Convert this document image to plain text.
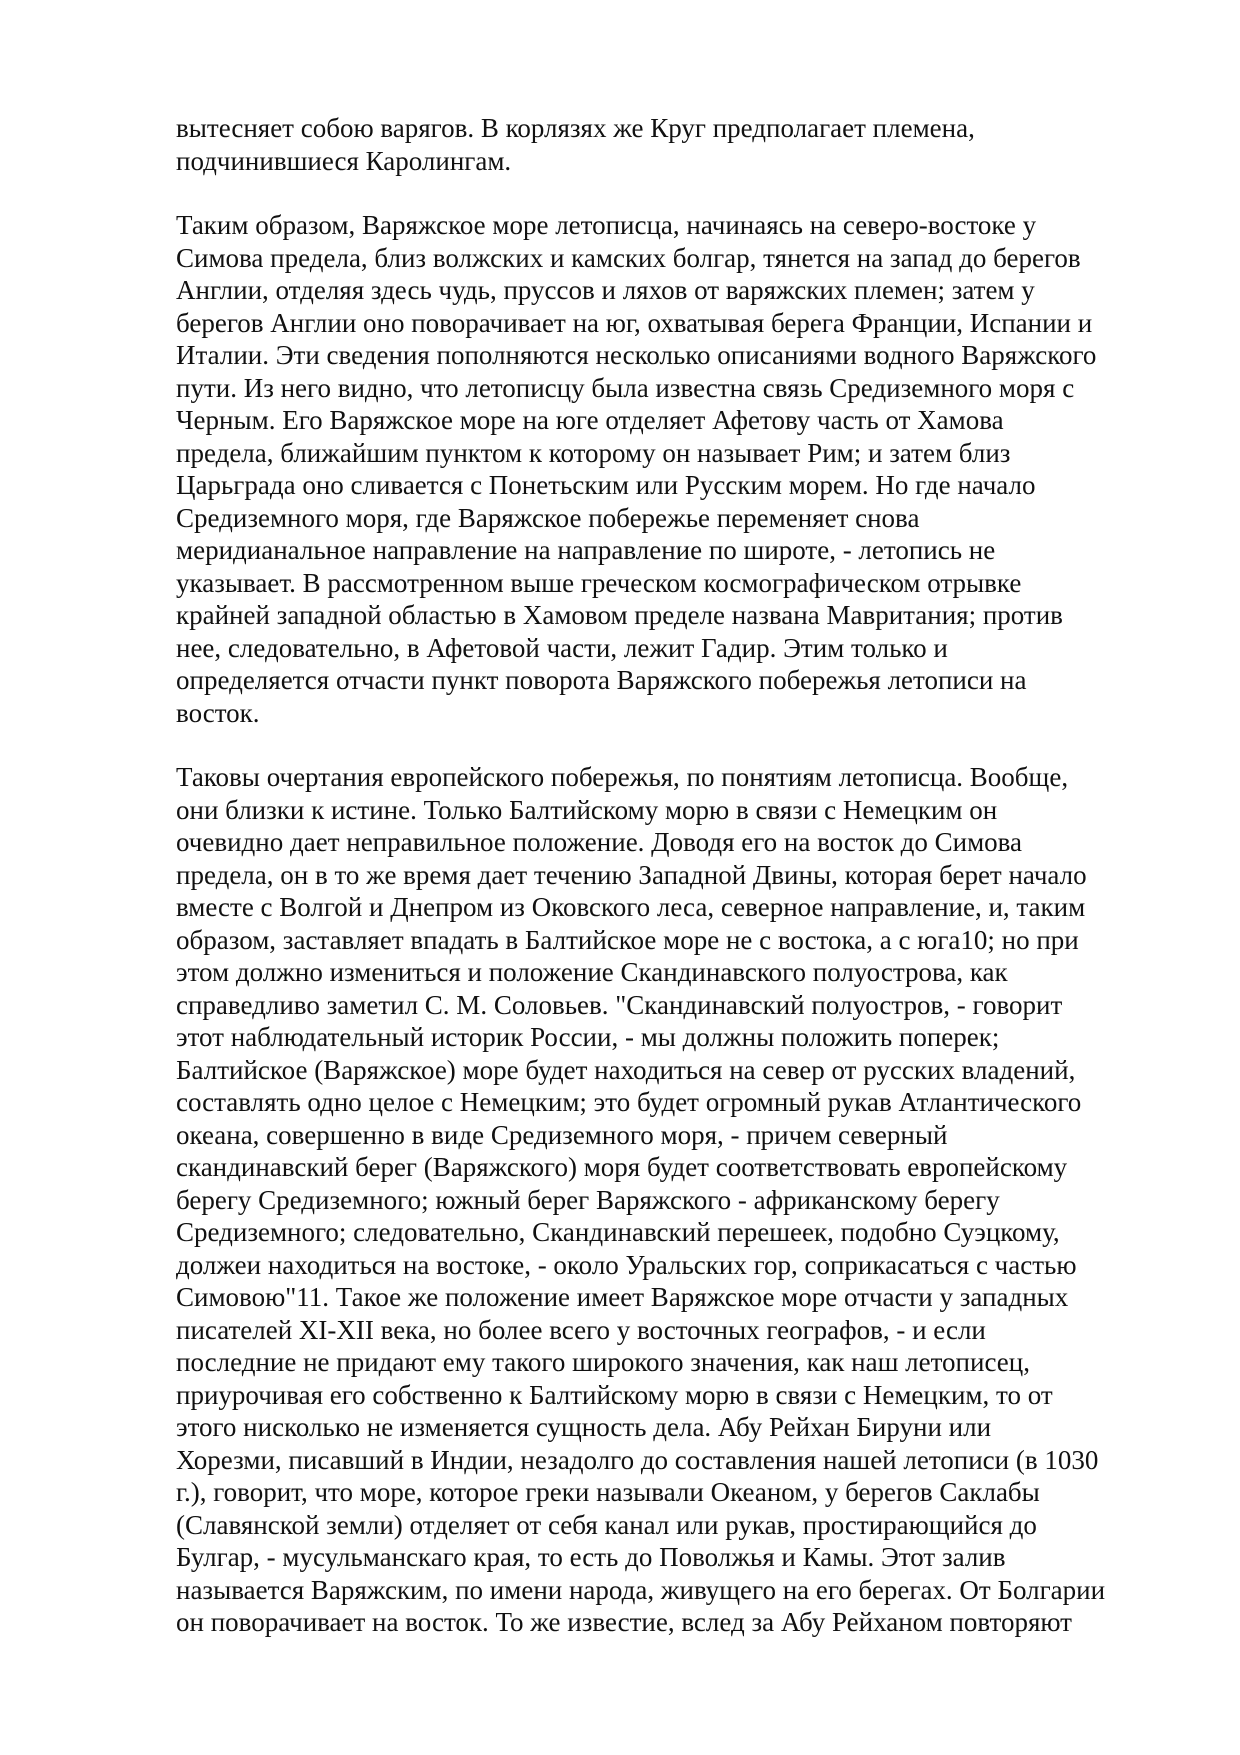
вытесняет собою варягов. В корлязях же Круг предполагает племена,
подчинившиеся Каролингам.

Таким образом, Варяжское море летописца, начинаясь на северо-востоке у
Симова предела, близ волжских и камских болгар, тянется на запад до берегов
Англии, отделяя здесь чудь, пруссов и ляхов от варяжских племен; затем у
берегов Англии оно поворачивает на юг, охватывая берега Франции, Испании и
Италии. Эти сведения пополняются несколько описаниями водного Варяжского
пути. Из него видно, что летописцу была известна связь Средиземного моря с
Черным. Его Варяжское море на юге отделяет Афетову часть от Хамова
предела, ближайшим пунктом к которому он называет Рим; и затем близ
Царьграда оно сливается с Понетьским или Русским морем. Но где начало
Средиземного моря, где Варяжское побережье переменяет снова
меридианальное направление на направление по широте, - летопись не
указывает. В рассмотренном выше греческом космографическом отрывке
крайней западной областью в Хамовом пределе названа Мавритания; против
нее, следовательно, в Афетовой части, лежит Гадир. Этим только и
определяется отчасти пункт поворота Варяжского побережья летописи на
восток.

Таковы очертания европейского побережья, по понятиям летописца. Вообще,
они близки к истине. Только Балтийскому морю в связи с Немецким он
очевидно дает неправильное положение. Доводя его на восток до Симова
предела, он в то же время дает течению Западной Двины, которая берет начало
вместе с Волгой и Днепром из Оковского леса, северное направление, и, таким
образом, заставляет впадать в Балтийское море не с востока, а с юга10; но при
этом должно измениться и положение Скандинавского полуострова, как
справедливо заметил С. М. Соловьев. "Скандинавский полуостров, - говорит
этот наблюдательный историк России, - мы должны положить поперек;
Балтийское (Варяжское) море будет находиться на север от русских владений,
составлять одно целое с Немецким; это будет огромный рукав Атлантического
океана, совершенно в виде Средиземного моря, - причем северный
скандинавский берег (Варяжского) моря будет соответствовать европейскому
берегу Средиземного; южный берег Варяжского - африканскому берегу
Средиземного; следовательно, Скандинавский перешеек, подобно Суэцкому,
должеи находиться на востоке, - около Уральских гор, соприкасаться с частью
Симовою"11. Такое же положение имеет Варяжское море отчасти у западных
писателей XI-XII века, но более всего у восточных географов, - и если
последние не придают ему такого широкого значения, как наш летописец,
приурочивая его собственно к Балтийскому морю в связи с Немецким, то от
этого нисколько не изменяется сущность дела. Абу Рейхан Бируни или
Хорезми, писавший в Индии, незадолго до составления нашей летописи (в 1030
г.), говорит, что море, которое греки называли Океаном, у берегов Саклабы
(Славянской земли) отделяет от себя канал или рукав, простирающийся до
Булгар, - мусульманскаго края, то есть до Поволжья и Камы. Этот залив
называется Варяжским, по имени народа, живущего на его берегах. От Болгарии
он поворачивает на восток. То же известие, вслед за Абу Рейханом повторяют
